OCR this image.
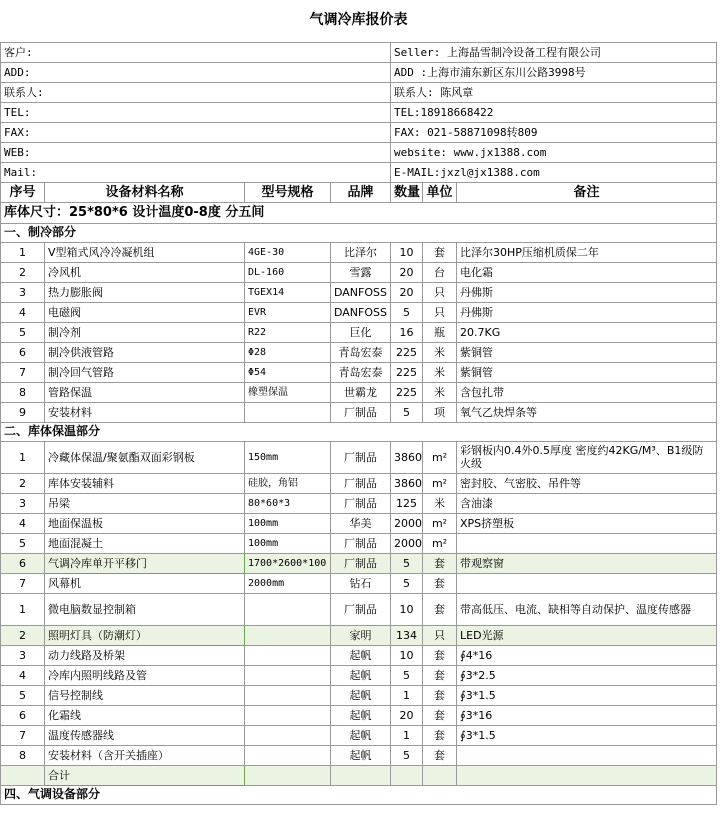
气调冷库报价表						
客户:				Seller: 上海晶雪制冷设备工程有限公司		
ADD:				ADD :上海市浦东新区东川公路3998号		
联系人:				联系人: 陈风章		
TEL:				TEL:18918668422		
FAX:				FAX: 021-58871098转809		
WEB:				website: www.jx1388.com		
Mail:				E-MAIL:jxzl@jx1388.com		
序号	设备材料名称	型号规格	品牌	数量	单位	备注
库体尺寸：25*80*6 设计温度0-8度 分五间						
一、制冷部分						
1	V型箱式风冷冷凝机组	4GE-30	比泽尔	10	套	比泽尔30HP压缩机质保二年
2	冷风机	DL-160	雪露	20	台	电化霜
3	热力膨胀阀	TGEX14	DANFOSS	20	只	丹佛斯
4	电磁阀	EVR	DANFOSS	5	只	丹佛斯
5	制冷剂	R22	巨化	16	瓶	20.7KG
6	制冷供液管路	Φ28	青岛宏泰	225	米	紫铜管
7	制冷回气管路	Φ54	青岛宏泰	225	米	紫铜管
8	管路保温	橡塑保温	世霸龙	225	米	含包扎带
9	安装材料		厂制品	5	项	氧气乙炔焊条等
二、库体保温部分						
1	冷藏体保温/聚氨酯双面彩钢板	150mm	厂制品	3860	m²	彩钢板内0.4外0.5厚度 密度约42KG/M³、B1级防火级
2	库体安装辅料	硅胶，角铝	厂制品	3860	m²	密封胶、气密胶、吊件等
3	吊梁	80*60*3	厂制品	125	米	含油漆
4	地面保温板	100mm	华美	2000	m²	XPS挤塑板
5	地面混凝土	100mm	厂制品	2000	m²	
6	气调冷库单开平移门	1700*2600*100	厂制品	5	套	带观察窗
7	风幕机	2000mm	钻石	5	套	
1	微电脑数显控制箱		厂制品	10	套	带高低压、电流、缺相等自动保护、温度传感器
2	照明灯具（防潮灯）		家明	134	只	LED光源
3	动力线路及桥架		起帆	10	套	∮4*16
4	冷库内照明线路及管		起帆	5	套	∮3*2.5
5	信号控制线		起帆	1	套	∮3*1.5
6	化霜线		起帆	20	套	∮3*16
7	温度传感器线		起帆	1	套	∮3*1.5
8	安装材料（含开关插座）		起帆	5	套	
	合计					
四、气调设备部分						
